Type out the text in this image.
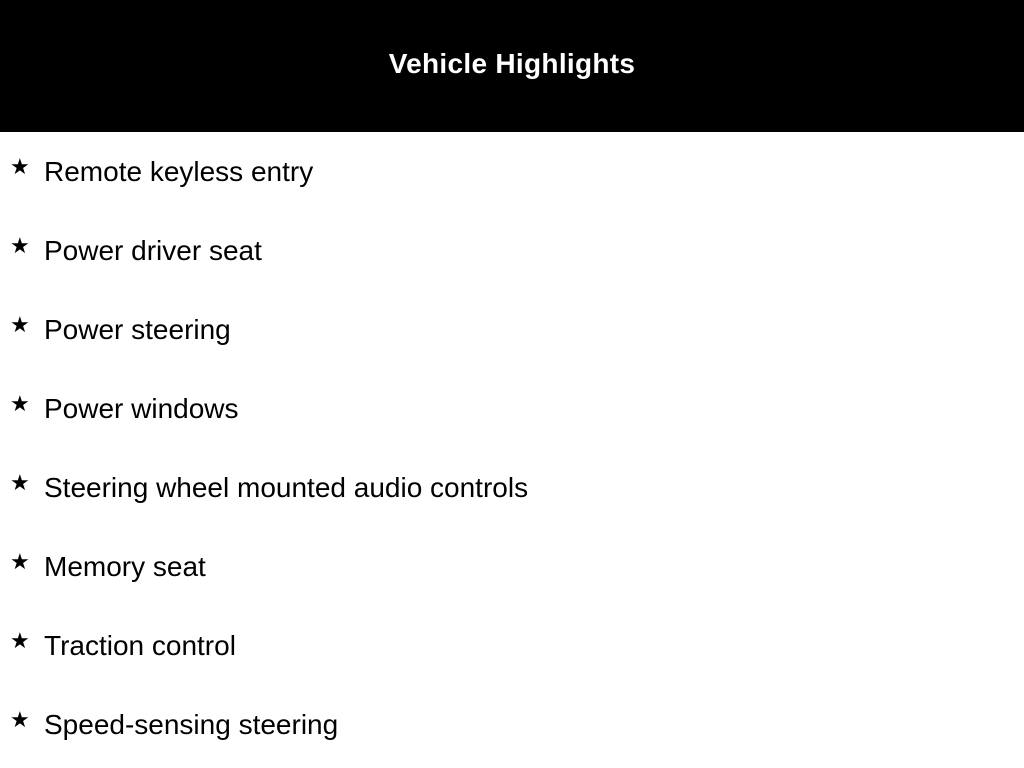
Vehicle Highlights
★ Remote keyless entry
★ Power driver seat
★ Power steering
★ Power windows
★ Steering wheel mounted audio controls
★ Memory seat
★ Traction control
★ Speed-sensing steering
